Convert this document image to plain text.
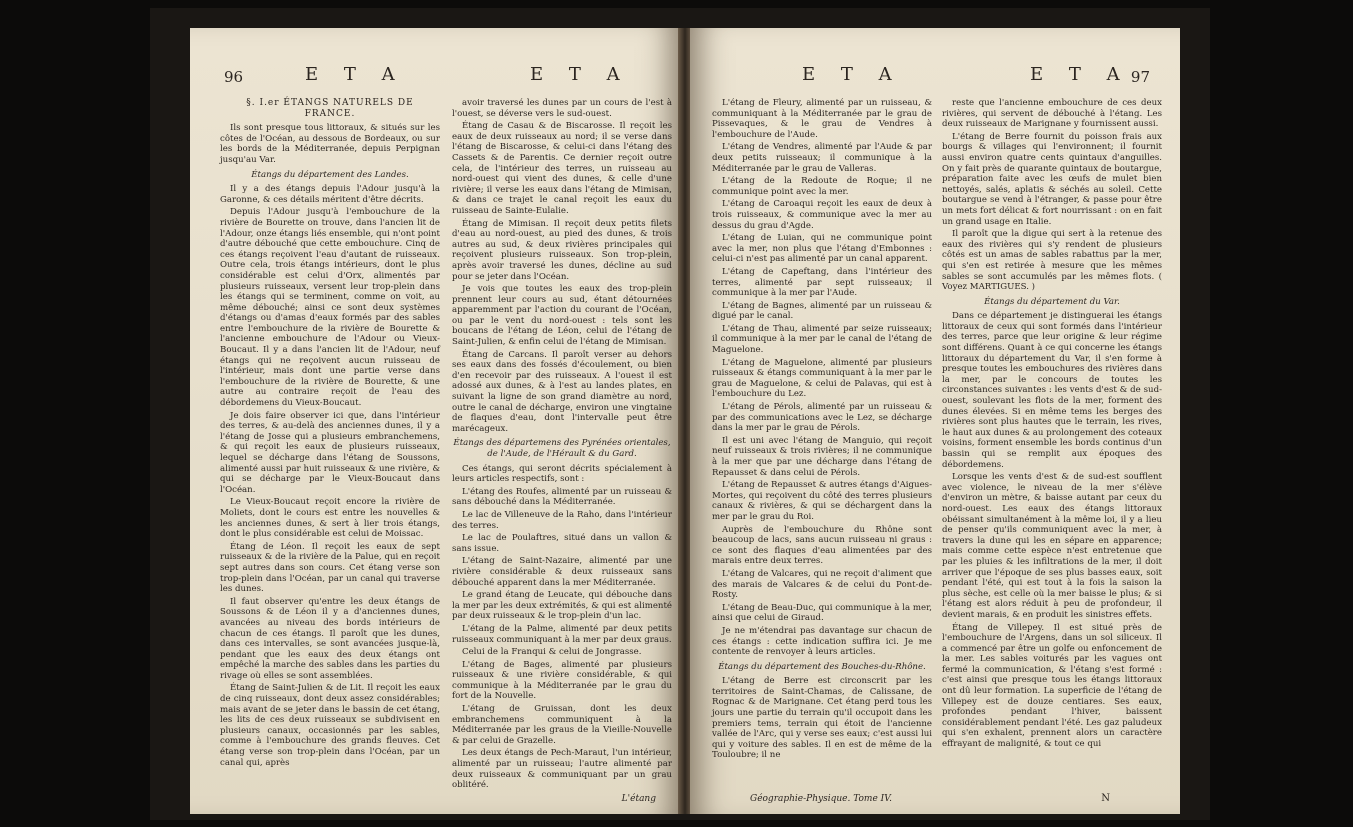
96	E T A	E T A
§. I.er ÉTANGS NATURELS DE FRANCE.

Ils sont presque tous littoraux, & situés sur les côtes de l'Océan, au dessous de Bordeaux, ou sur les bords de la Méditerranée, depuis Perpignan jusqu'au Var.

Étangs du département des Landes.

Il y a des étangs depuis l'Adour jusqu'à la Garonne, & ces détails méritent d'être décrits.

Depuis l'Adour jusqu'à l'embouchure de la rivière de Bourette on trouve, dans l'ancien lit de l'Adour, onze étangs liés ensemble, qui n'ont point d'autre débouché que cette embouchure. Cinq de ces étangs reçoivent l'eau d'autant de ruisseaux. Outre cela, trois étangs intérieurs, dont le plus considérable est celui d'Orx, alimentés par plusieurs ruisseaux, versent leur trop-plein dans les étangs qui se terminent, comme on voit, au même débouché; ainsi ce sont deux systèmes d'étangs ou d'amas d'eaux formés par des sables entre l'embouchure de la rivière de Bourette & l'ancienne embouchure de l'Adour ou Vieux-Boucaut. Il y a dans l'ancien lit de l'Adour, neuf étangs qui ne reçoivent aucun ruisseau de l'intérieur, mais dont une partie verse dans l'embouchure de la rivière de Bourette, & une autre au contraire reçoit de l'eau des débordemens du Vieux-Boucaut.

Je dois faire observer ici que, dans l'intérieur des terres, & au-delà des anciennes dunes, il y a l'étang de Josse qui a plusieurs embranchemens, & qui reçoit les eaux de plusieurs ruisseaux, lequel se décharge dans l'étang de Soussons, alimenté aussi par huit ruisseaux & une rivière, & qui se décharge par le Vieux-Boucaut dans l'Océan.

Le Vieux-Boucaut reçoit encore la rivière de Moliets, dont le cours est entre les nouvelles & les anciennes dunes, & sert à lier trois étangs, dont le plus considérable est celui de Moissac.

Étang de Léon. Il reçoit les eaux de sept ruisseaux & de la rivière de la Palue, qui en reçoit sept autres dans son cours. Cet étang verse son trop-plein dans l'Océan, par un canal qui traverse les dunes.

Il faut observer qu'entre les deux étangs de Soussons & de Léon il y a d'anciennes dunes, avancées au niveau des bords intérieurs de chacun de ces étangs. Il paroît que les dunes, dans ces intervalles, se sont avancées jusque-là, pendant que les eaux des deux étangs ont empêché la marche des sables dans les parties du rivage où elles se sont assemblées.

Étang de Saint-Julien & de Lit. Il reçoit les eaux de cinq ruisseaux, dont deux assez considérables; mais avant de se jeter dans le bassin de cet étang, les lits de ces deux ruisseaux se subdivisent en plusieurs canaux, occasionnés par les sables, comme à l'embouchure des grands fleuves. Cet étang verse son trop-plein dans l'Océan, par un canal qui, après

avoir traversé les dunes par un cours de l'est à l'ouest, se déverse vers le sud-ouest.

Étang de Casau & de Biscarosse. Il reçoit les eaux de deux ruisseaux au nord; il se verse dans l'étang de Biscarosse, & celui-ci dans l'étang des Cassets & de Parentis. Ce dernier reçoit outre cela, de l'intérieur des terres, un ruisseau au nord-ouest qui vient des dunes, & celle d'une rivière; il verse les eaux dans l'étang de Mimisan, & dans ce trajet le canal reçoit les eaux du ruisseau de Sainte-Eulalie.

Étang de Mimisan. Il reçoit deux petits filets d'eau au nord-ouest, au pied des dunes, & trois autres au sud, & deux rivières principales qui reçoivent plusieurs ruisseaux. Son trop-plein, après avoir traversé les dunes, décline au sud pour se jeter dans l'Océan.

Je vois que toutes les eaux des trop-plein prennent leur cours au sud, étant détournées apparemment par l'action du courant de l'Océan, ou par le vent du nord-ouest : tels sont les boucans de l'étang de Léon, celui de l'étang de Saint-Julien, & enfin celui de l'étang de Mimisan.

Étang de Carcans. Il paroît verser au dehors ses eaux dans des fossés d'écoulement, ou bien d'en recevoir par des ruisseaux. A l'ouest il est adossé aux dunes, & à l'est au landes plates, en suivant la ligne de son grand diamètre au nord, outre le canal de décharge, environ une vingtaine de flaques d'eau, dont l'intervalle peut être marécageux.

Étangs des départemens des Pyrénées orientales, de l'Aude, de l'Hérault & du Gard.

Ces étangs, qui seront décrits spécialement à leurs articles respectifs, sont :

L'étang des Roufes, alimenté par un ruisseau & sans débouché dans la Méditerranée.

Le lac de Villeneuve de la Raho, dans l'intérieur des terres.

Le lac de Poulaftres, situé dans un vallon & sans issue.

L'étang de Saint-Nazaire, alimenté par une rivière considérable & deux ruisseaux sans débouché apparent dans la mer Méditerranée.

Le grand étang de Leucate, qui débouche dans la mer par les deux extrémités, & qui est alimenté par deux ruisseaux & le trop-plein d'un lac.

L'étang de la Palme, alimenté par deux petits ruisseaux communiquant à la mer par deux graus.

Celui de la Franqui & celui de Jongrasse.

L'étang de Bages, alimenté par plusieurs ruisseaux & une rivière considérable, & qui communique à la Méditerranée par le grau du fort de la Nouvelle.

L'étang de Gruissan, dont les deux embranchemens communiquent à la Méditerranée par les graus de la Vieille-Nouvelle & par celui de Grazelle.

Les deux étangs de Pech-Maraut, l'un intérieur, alimenté par un ruisseau; l'autre alimenté par deux ruisseaux & communiquant par un grau oblitéré.

L'étang
E T A	E T A 97

L'étang de Fleury, alimenté par un ruisseau, & communiquant à la Méditerranée par le grau de Pissevaques, & le grau de Vendres à l'embouchure de l'Aude.

L'étang de Vendres, alimenté par l'Aude & par deux petits ruisseaux; il communique à la Méditerranée par le grau de Valleras.

L'étang de la Redoute de Roque; il ne communique point avec la mer.

L'étang de Caroaqui reçoit les eaux de deux à trois ruisseaux, & communique avec la mer au dessus du grau d'Agde.

L'étang de Luian, qui ne communique point avec la mer, non plus que l'étang d'Embonnes : celui-ci n'est pas alimenté par un canal apparent.

L'étang de Capeftang, dans l'intérieur des terres, alimenté par sept ruisseaux; il communique à la mer par l'Aude.

L'étang de Bagnes, alimenté par un ruisseau & digué par le canal.

L'étang de Thau, alimenté par seize ruisseaux; il communique à la mer par le canal de l'étang de Maguelone.

L'étang de Maguelone, alimenté par plusieurs ruisseaux & étangs communiquant à la mer par le grau de Maguelone, & celui de Palavas, qui est à l'embouchure du Lez.

L'étang de Pérols, alimenté par un ruisseau & par des communications avec le Lez, se décharge dans la mer par le grau de Pérols.

Il est uni avec l'étang de Manguio, qui reçoit neuf ruisseaux & trois rivières; il ne communique à la mer que par une décharge dans l'étang de Repausset & dans celui de Pérols.

L'étang de Repausset & autres étangs d'Aigues-Mortes, qui reçoivent du côté des terres plusieurs canaux & rivières, & qui se déchargent dans la mer par le grau du Roi.

Auprès de l'embouchure du Rhône sont beaucoup de lacs, sans aucun ruisseau ni graus : ce sont des flaques d'eau alimentées par des marais entre deux terres.

L'étang de Valcares, qui ne reçoit d'aliment que des marais de Valcares & de celui du Pont-de-Rosty.

L'étang de Beau-Duc, qui communique à la mer, ainsi que celui de Giraud.

Je ne m'étendrai pas davantage sur chacun de ces étangs : cette indication suffira ici. Je me contente de renvoyer à leurs articles.

Étangs du département des Bouches-du-Rhône.

L'étang de Berre est circonscrit par les territoires de Saint-Chamas, de Calissane, de Rognac & de Marignane. Cet étang perd tous les jours une partie du terrain qu'il occupoit dans les premiers tems, terrain qui étoit de l'ancienne vallée de l'Arc, qui y verse ses eaux; c'est aussi lui qui y voiture des sables. Il en est de même de la Touloubre; il ne

Géographie-Physique. Tome IV.

reste que l'ancienne embouchure de ces deux rivières, qui servent de débouché à l'étang. Les deux ruisseaux de Marignane y fournissent aussi.

L'étang de Berre fournit du poisson frais aux bourgs & villages qui l'environnent; il fournit aussi environ quatre cents quintaux d'anguilles. On y fait près de quarante quintaux de boutargue, préparation faite avec les œufs de mulet bien nettoyés, salés, aplatis & séchés au soleil. Cette boutargue se vend à l'étranger, & passe pour être un mets fort délicat & fort nourrissant : on en fait un grand usage en Italie.

Il paroît que la digue qui sert à la retenue des eaux des rivières qui s'y rendent de plusieurs côtés est un amas de sables rabattus par la mer, qui s'en est retirée à mesure que les mêmes sables se sont accumulés par les mêmes flots. ( Voyez MARTIGUES. )

Étangs du département du Var.

Dans ce département je distinguerai les étangs littoraux de ceux qui sont formés dans l'intérieur des terres, parce que leur origine & leur régime sont différens. Quant à ce qui concerne les étangs littoraux du département du Var, il s'en forme à presque toutes les embouchures des rivières dans la mer, par le concours de toutes les circonstances suivantes : les vents d'est & de sud-ouest, soulevant les flots de la mer, forment des dunes élevées. Si en même tems les berges des rivières sont plus hautes que le terrain, les rives, le haut aux dunes & au prolongement des coteaux voisins, forment ensemble les bords continus d'un bassin qui se remplit aux époques des débordemens.

Lorsque les vents d'est & de sud-est soufflent avec violence, le niveau de la mer s'élève d'environ un mètre, & baisse autant par ceux du nord-ouest. Les eaux des étangs littoraux obéissant simultanément à la même loi, il y a lieu de penser qu'ils communiquent avec la mer, à travers la dune qui les en sépare en apparence; mais comme cette espèce n'est entretenue que par les pluies & les infiltrations de la mer, il doit arriver que l'époque de ses plus basses eaux, soit pendant l'été, qui est tout à la fois la saison la plus sèche, est celle où la mer baisse le plus; & si l'étang est alors réduit à peu de profondeur, il devient marais, & en produit les sinistres effets.

Étang de Villepey. Il est situé près de l'embouchure de l'Argens, dans un sol siliceux. Il a commencé par être un golfe ou enfoncement de la mer. Les sables voiturés par les vagues ont fermé la communication, & l'étang s'est formé : c'est ainsi que presque tous les étangs littoraux ont dû leur formation. La superficie de l'étang de Villepey est de douze centiares. Ses eaux, profondes pendant l'hiver, baissent considérablement pendant l'été. Les gaz paludeux qui s'en exhalent, prennent alors un caractère effrayant de malignité, & tout ce qui

N
